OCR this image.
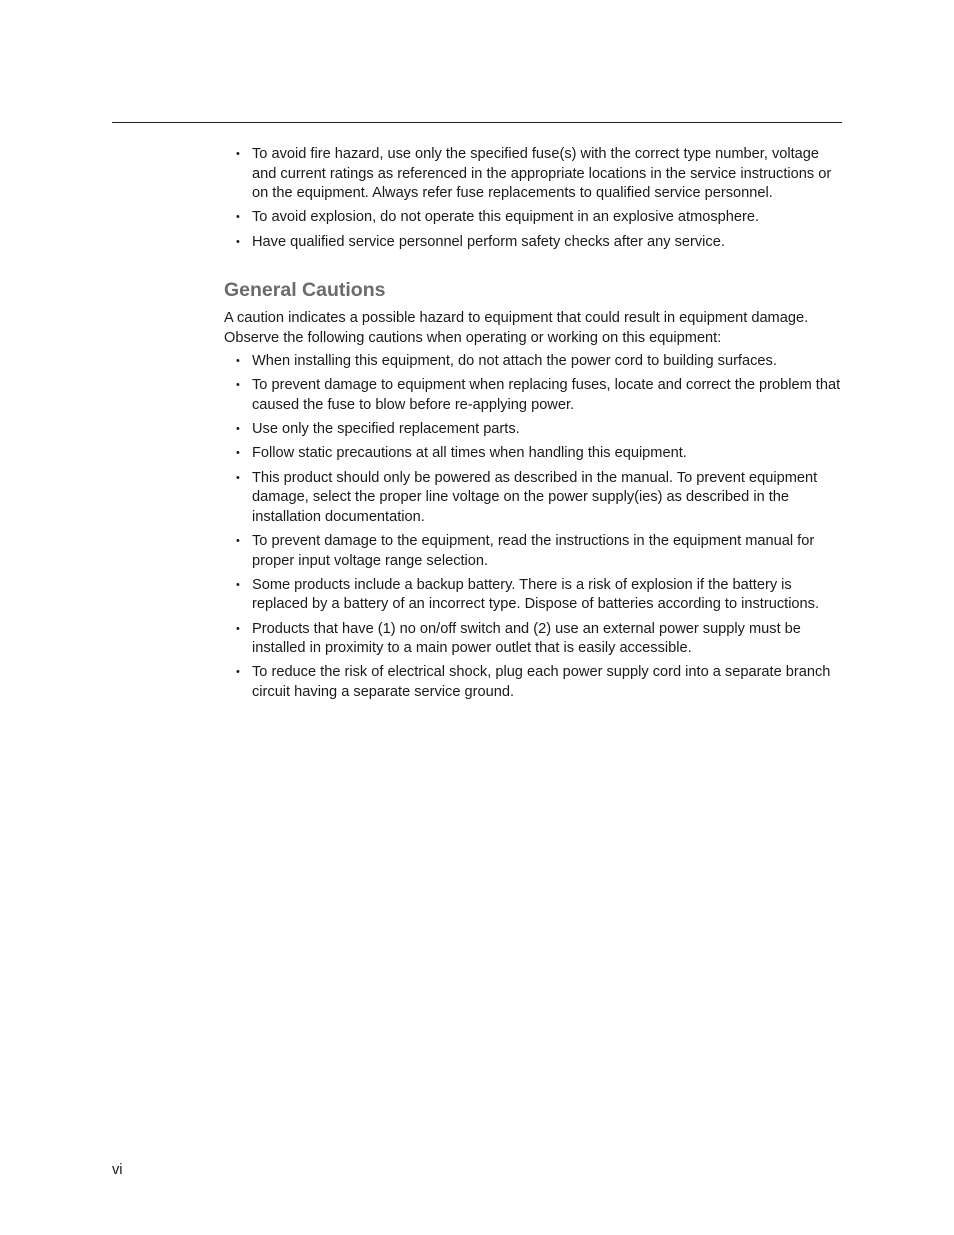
• To avoid fire hazard, use only the specified fuse(s) with the correct type number, voltage and current ratings as referenced in the appropriate locations in the service instructions or on the equipment. Always refer fuse replacements to qualified service personnel.
• To avoid explosion, do not operate this equipment in an explosive atmosphere.
• Have qualified service personnel perform safety checks after any service.
General Cautions

A caution indicates a possible hazard to equipment that could result in equipment damage. Observe the following cautions when operating or working on this equipment:

• When installing this equipment, do not attach the power cord to building surfaces.
• To prevent damage to equipment when replacing fuses, locate and correct the problem that caused the fuse to blow before re-applying power.
• Use only the specified replacement parts.
• Follow static precautions at all times when handling this equipment.
• This product should only be powered as described in the manual. To prevent equipment damage, select the proper line voltage on the power supply(ies) as described in the installation documentation.
• To prevent damage to the equipment, read the instructions in the equipment manual for proper input voltage range selection.
• Some products include a backup battery. There is a risk of explosion if the battery is replaced by a battery of an incorrect type. Dispose of batteries according to instructions.
• Products that have (1) no on/off switch and (2) use an external power supply must be installed in proximity to a main power outlet that is easily accessible.
• To reduce the risk of electrical shock, plug each power supply cord into a separate branch circuit having a separate service ground.
vi
